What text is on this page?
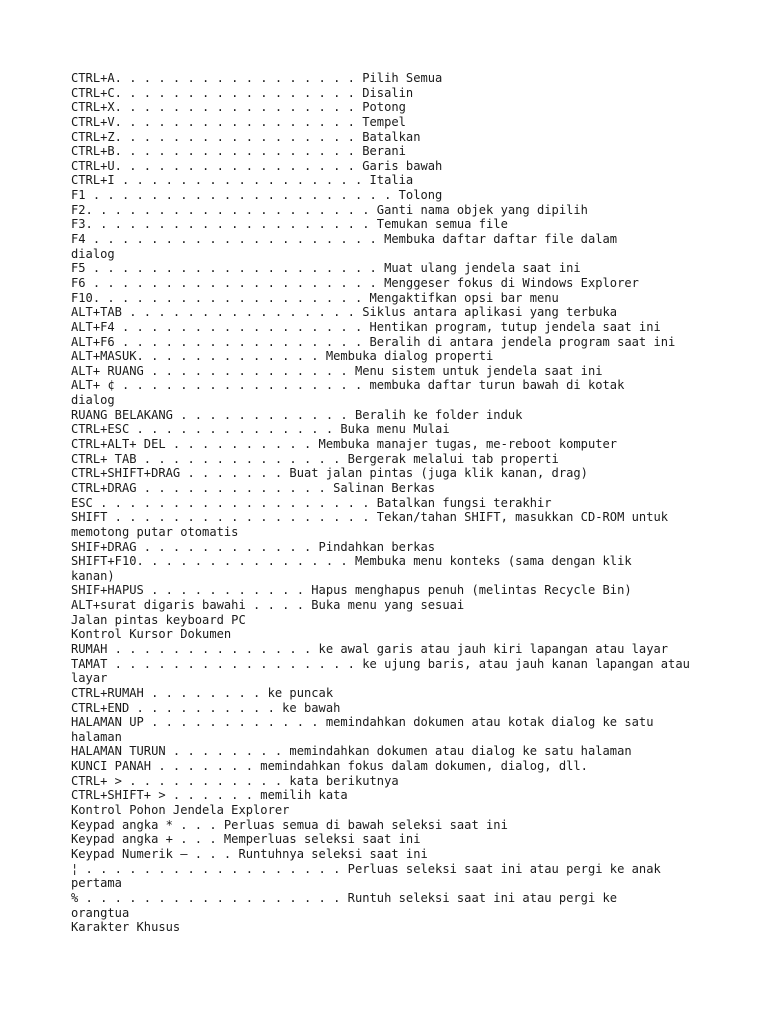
CTRL+A. . . . . . . . . . . . . . . . . Pilih Semua
CTRL+C. . . . . . . . . . . . . . . . . Disalin
CTRL+X. . . . . . . . . . . . . . . . . Potong
CTRL+V. . . . . . . . . . . . . . . . . Tempel
CTRL+Z. . . . . . . . . . . . . . . . . Batalkan
CTRL+B. . . . . . . . . . . . . . . . . Berani
CTRL+U. . . . . . . . . . . . . . . . . Garis bawah
CTRL+I . . . . . . . . . . . . . . . . . Italia
F1 . . . . . . . . . . . . . . . . . . . . . Tolong
F2. . . . . . . . . . . . . . . . . . . . Ganti nama objek yang dipilih
F3. . . . . . . . . . . . . . . . . . . . Temukan semua file
F4 . . . . . . . . . . . . . . . . . . . . Membuka daftar daftar file dalam
dialog
F5 . . . . . . . . . . . . . . . . . . . . Muat ulang jendela saat ini
F6 . . . . . . . . . . . . . . . . . . . . Menggeser fokus di Windows Explorer
F10. . . . . . . . . . . . . . . . . . . Mengaktifkan opsi bar menu
ALT+TAB . . . . . . . . . . . . . . . . Siklus antara aplikasi yang terbuka
ALT+F4 . . . . . . . . . . . . . . . . . Hentikan program, tutup jendela saat ini
ALT+F6 . . . . . . . . . . . . . . . . . Beralih di antara jendela program saat ini
ALT+MASUK. . . . . . . . . . . . . Membuka dialog properti
ALT+ RUANG . . . . . . . . . . . . . . Menu sistem untuk jendela saat ini
ALT+ ¢ . . . . . . . . . . . . . . . . . membuka daftar turun bawah di kotak
dialog
RUANG BELAKANG . . . . . . . . . . . . Beralih ke folder induk
CTRL+ESC . . . . . . . . . . . . . . Buka menu Mulai
CTRL+ALT+ DEL . . . . . . . . . . Membuka manajer tugas, me-reboot komputer
CTRL+ TAB . . . . . . . . . . . . . . Bergerak melalui tab properti
CTRL+SHIFT+DRAG . . . . . . . Buat jalan pintas (juga klik kanan, drag)
CTRL+DRAG . . . . . . . . . . . . . Salinan Berkas
ESC . . . . . . . . . . . . . . . . . . . Batalkan fungsi terakhir
SHIFT . . . . . . . . . . . . . . . . . . Tekan/tahan SHIFT, masukkan CD-ROM untuk
memotong putar otomatis
SHIF+DRAG . . . . . . . . . . . . Pindahkan berkas
SHIFT+F10. . . . . . . . . . . . . . . Membuka menu konteks (sama dengan klik
kanan)
SHIF+HAPUS . . . . . . . . . . . Hapus menghapus penuh (melintas Recycle Bin)
ALT+surat digaris bawahi . . . . Buka menu yang sesuai
Jalan pintas keyboard PC
Kontrol Kursor Dokumen
RUMAH . . . . . . . . . . . . . . ke awal garis atau jauh kiri lapangan atau layar
TAMAT . . . . . . . . . . . . . . . . . ke ujung baris, atau jauh kanan lapangan atau
layar
CTRL+RUMAH . . . . . . . . ke puncak
CTRL+END . . . . . . . . . . ke bawah
HALAMAN UP . . . . . . . . . . . . memindahkan dokumen atau kotak dialog ke satu
halaman
HALAMAN TURUN . . . . . . . . memindahkan dokumen atau dialog ke satu halaman
KUNCI PANAH . . . . . . . memindahkan fokus dalam dokumen, dialog, dll.
CTRL+ > . . . . . . . . . . . kata berikutnya
CTRL+SHIFT+ > . . . . . . memilih kata
Kontrol Pohon Jendela Explorer
Keypad angka * . . . Perluas semua di bawah seleksi saat ini
Keypad angka + . . . Memperluas seleksi saat ini
Keypad Numerik – . . . Runtuhnya seleksi saat ini
¦ . . . . . . . . . . . . . . . . . . Perluas seleksi saat ini atau pergi ke anak
pertama
% . . . . . . . . . . . . . . . . . . Runtuh seleksi saat ini atau pergi ke
orangtua
Karakter Khusus
